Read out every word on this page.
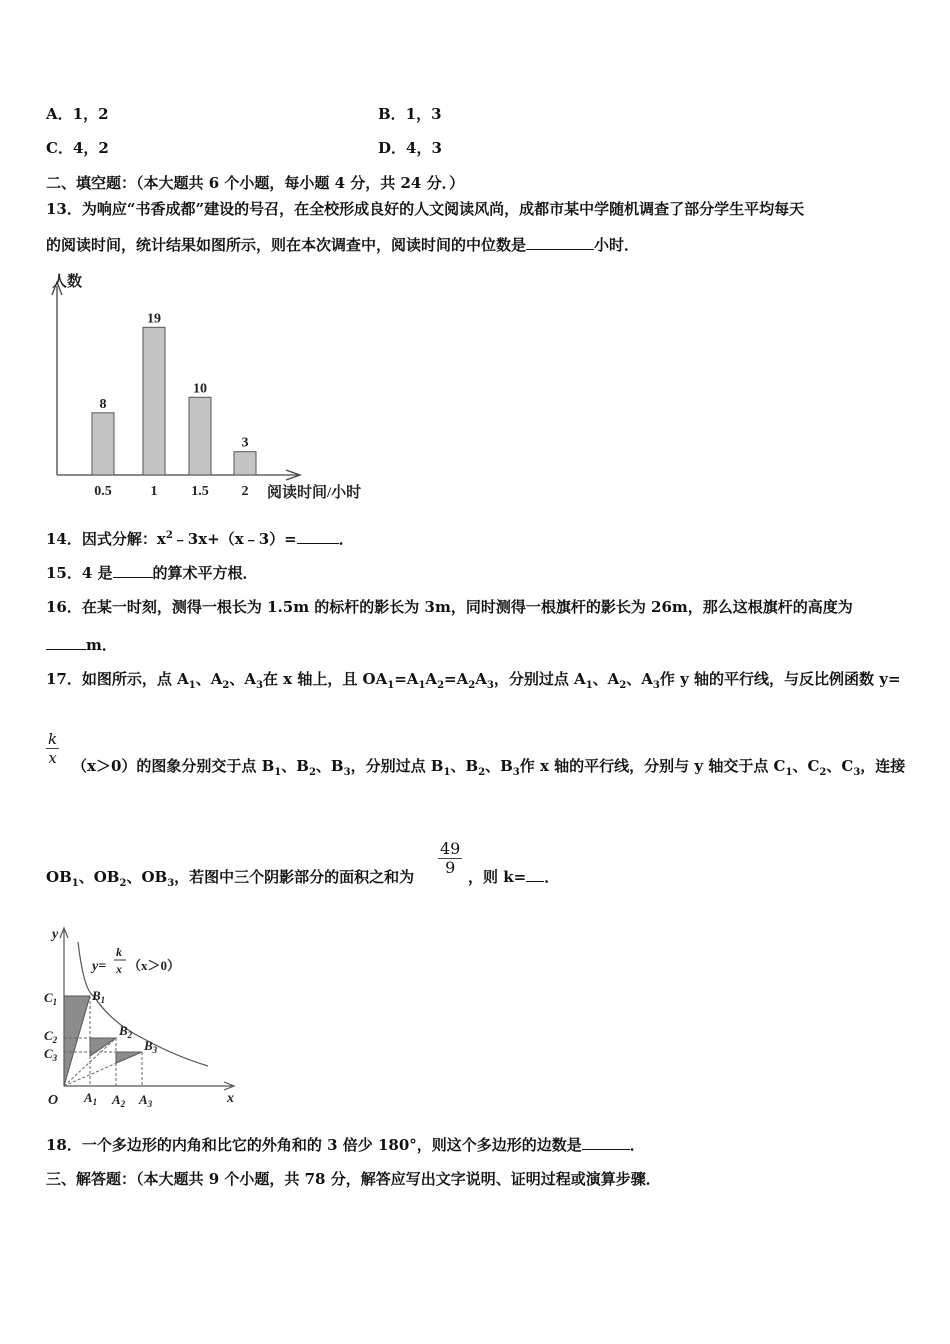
A．1，2	B．1，3
C．4，2	D．4，3
二、填空题：（本大题共 6 个小题，每小题 4 分，共 24 分．）
13．为响应“书香成都”建设的号召，在全校形成良好的人文阅读风尚，成都市某中学随机调查了部分学生平均每天
的阅读时间，统计结果如图所示，则在本次调查中，阅读时间的中位数是	小时．
人数
阅读时间/小时
8
0.5
19
1
10
1.5
3
2
14．因式分解：$x^2﹣3x+(x﹣3)=$	．
15．4 是	的算术平方根．
16．在某一时刻，测得一根长为 1.5m 的标杆的影长为 3m，同时测得一根旗杆的影长为 26m，那么这根旗杆的高度为
m．
17．如图所示，点 $A_1$、$A_2$、$A_3$在 x 轴上，且 $OA_1=A_1A_2=A_2A_3$，分别过点 $A_1$、$A_2$、$A_3$作 y 轴的平行线，与反比例函数 y=
$\frac{k}{x} (x>0)$的图象分别交于点 $B_1$、$B_2$、$B_3$，分别过点 $B_1$、$B_2$、$B_3$作 x 轴的平行线，分别与 y 轴交于点 $C_1$、$C_2$、$C_3$，连接
$OB_1$、$OB_2$、$OB_3$，若图中三个阴影部分的面积之和为 $\frac{49}{9}$ ，则 k= ．
y
x
O
y=
k
x （x＞0）
$C_1$
$C_2$
$C_3$
$B_1$
$B_2$
$B_3$
$A_1$ $A_2$ $A_3$
18．一个多边形的内角和比它的外角和的 3 倍少 180°，则这个多边形的边数是	．
三、解答题：（本大题共 9 个小题，共 78 分，解答应写出文字说明、证明过程或演算步骤．
